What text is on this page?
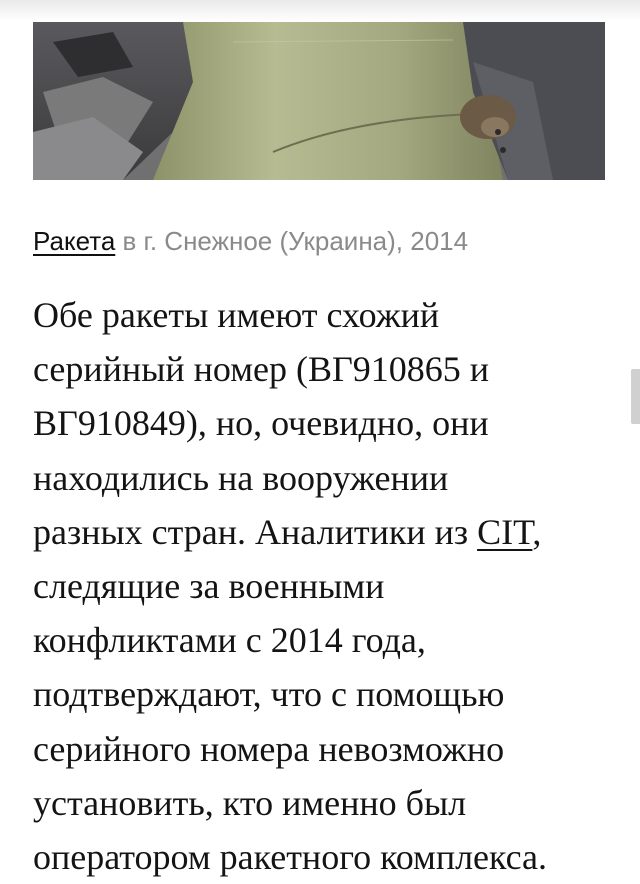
Ракета в г. Снежное (Украина), 2014
Обе ракеты имеют схожий
серийный номер (ВГ910865 и
ВГ910849), но, очевидно, они
находились на вооружении
разных стран. Аналитики из CIT,
следящие за военными
конфликтами с 2014 года,
подтверждают, что с помощью
серийного номера невозможно
установить, кто именно был
оператором ракетного комплекса.
